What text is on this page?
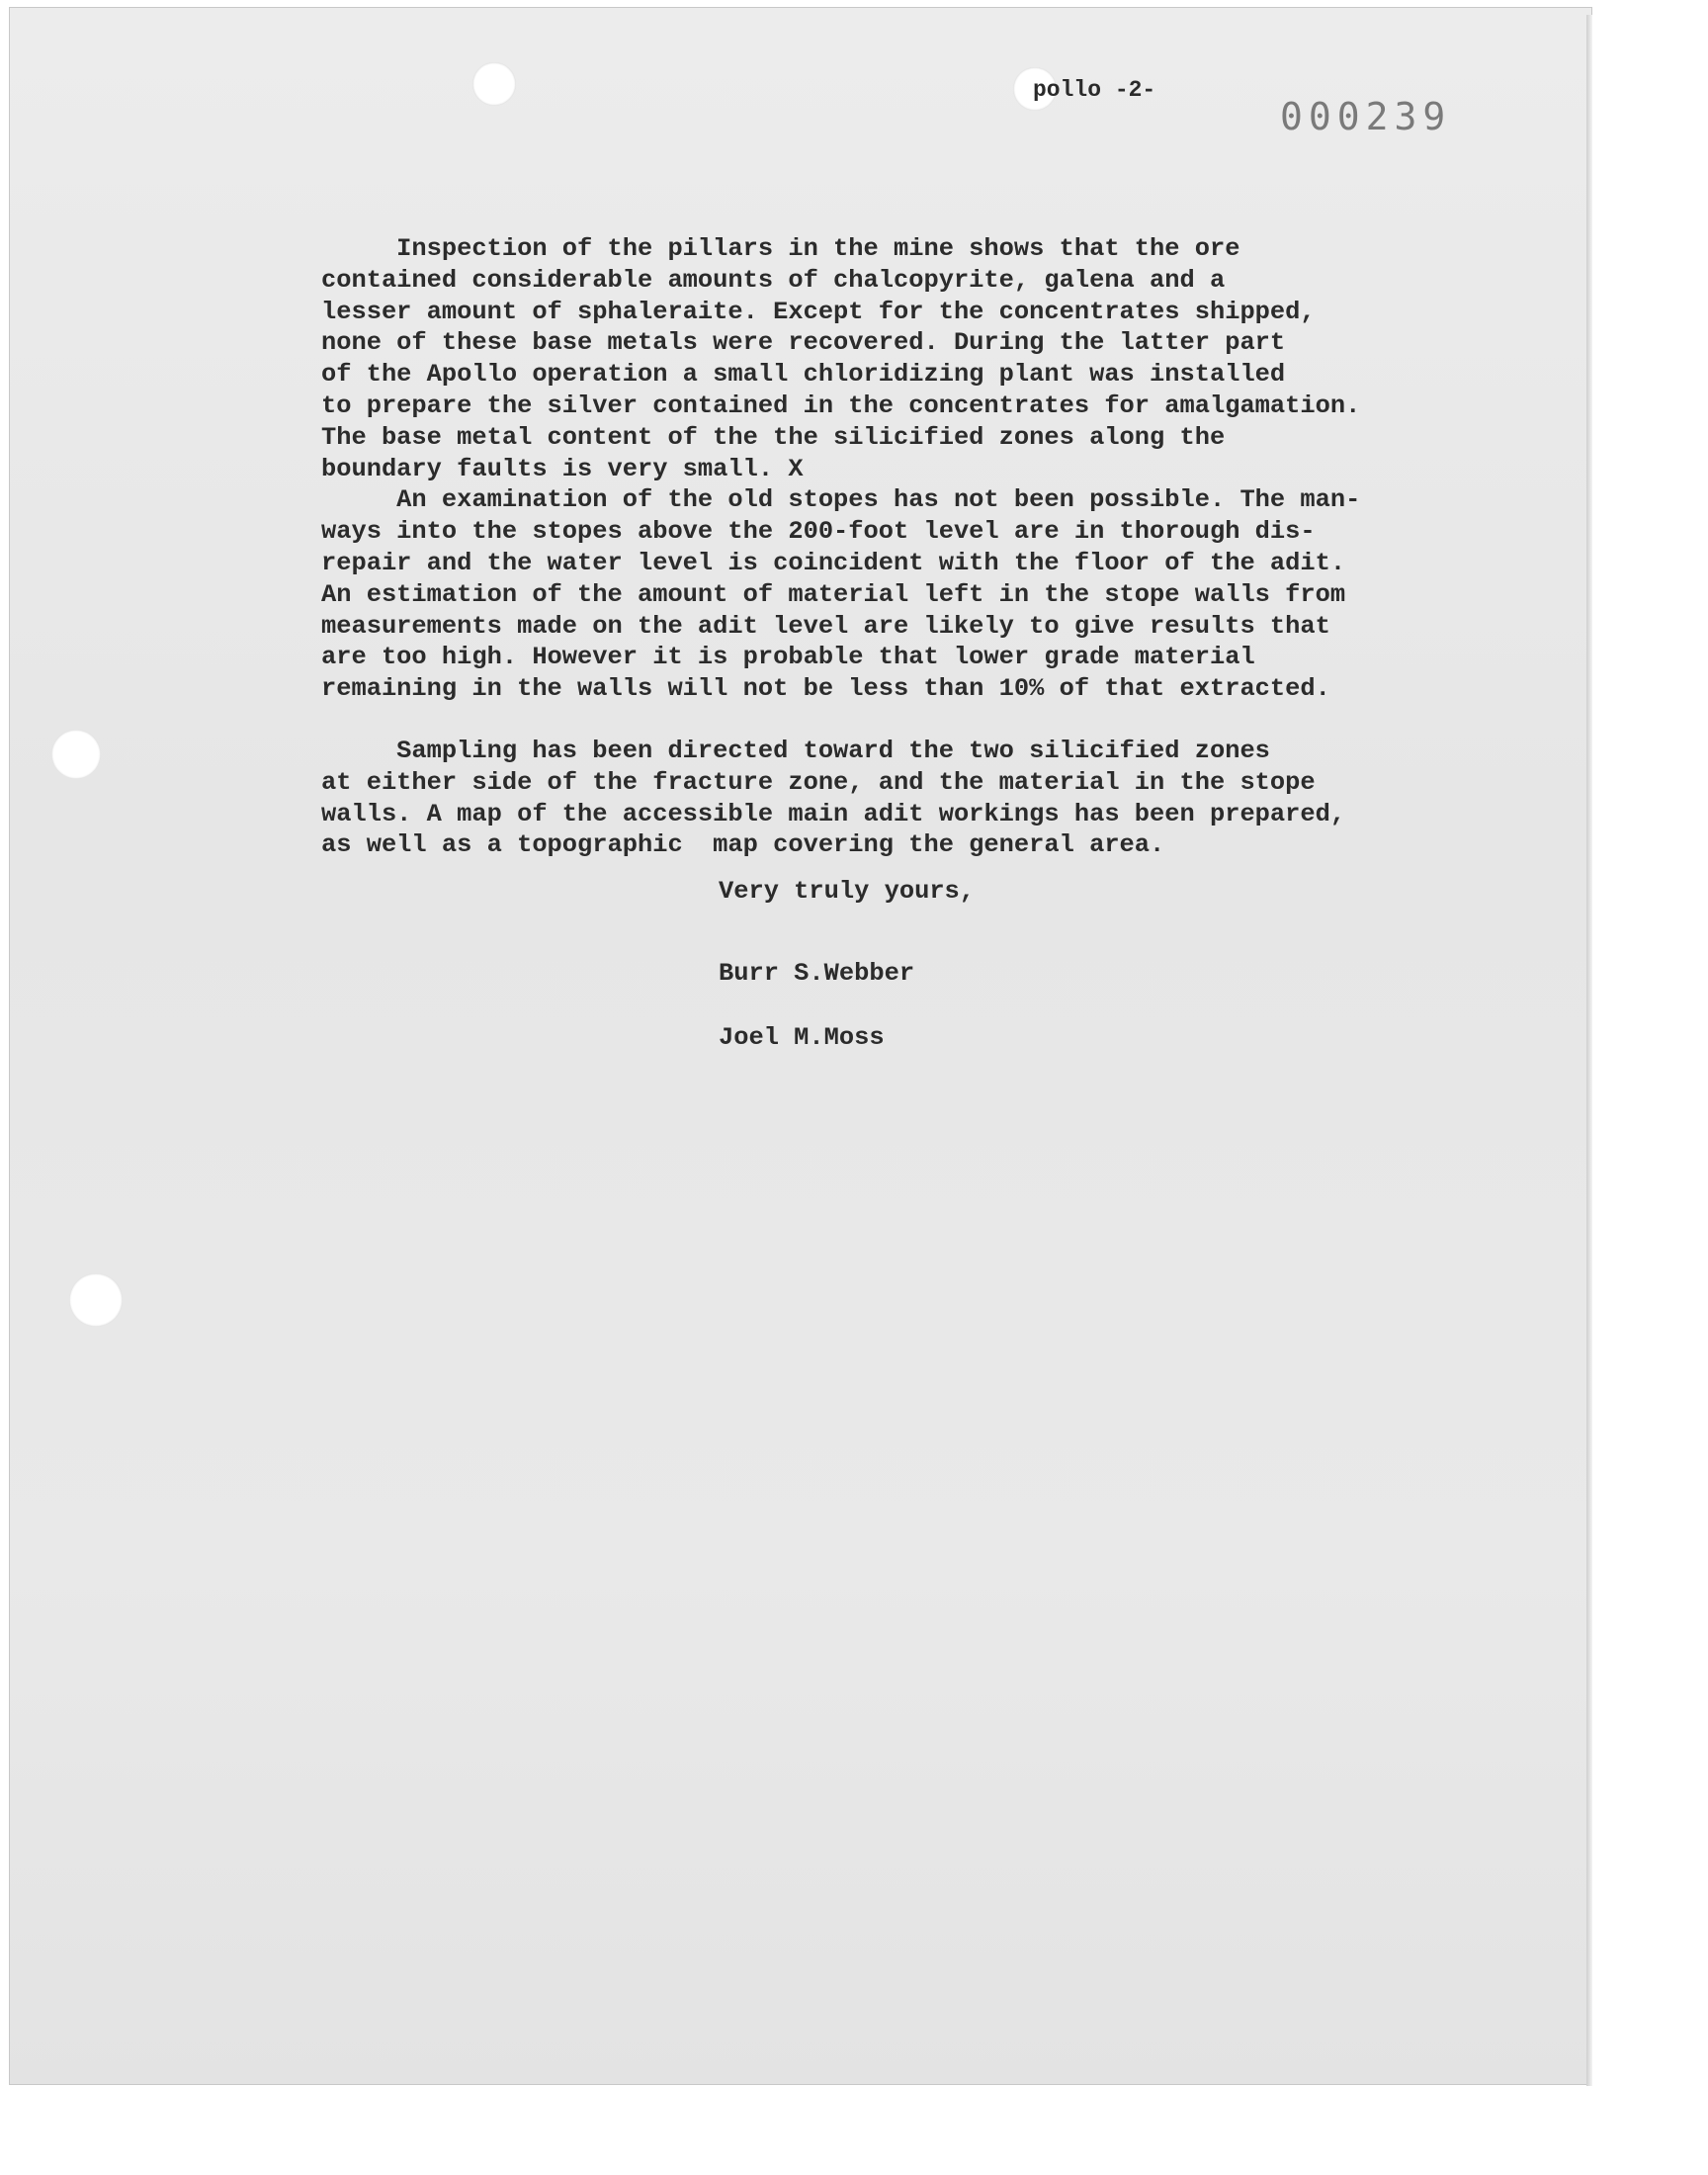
pollo -2-
000239
Inspection of the pillars in the mine shows that the ore
contained considerable amounts of chalcopyrite, galena and a
lesser amount of sphaleraite. Except for the concentrates shipped,
none of these base metals were recovered. During the latter part
of the Apollo operation a small chloridizing plant was installed
to prepare the silver contained in the concentrates for amalgamation.
The base metal content of the the silicified zones along the
boundary faults is very small. X
An examination of the old stopes has not been possible. The man-
ways into the stopes above the 200-foot level are in thorough dis-
repair and the water level is coincident with the floor of the adit.
An estimation of the amount of material left in the stope walls from
measurements made on the adit level are likely to give results that
are too high. However it is probable that lower grade material
remaining in the walls will not be less than 10% of that extracted.
Sampling has been directed toward the two silicified zones
at either side of the fracture zone, and the material in the stope
walls. A map of the accessible main adit workings has been prepared,
as well as a topographic  map covering the general area.
Very truly yours,
Burr S.Webber
Joel M.Moss
